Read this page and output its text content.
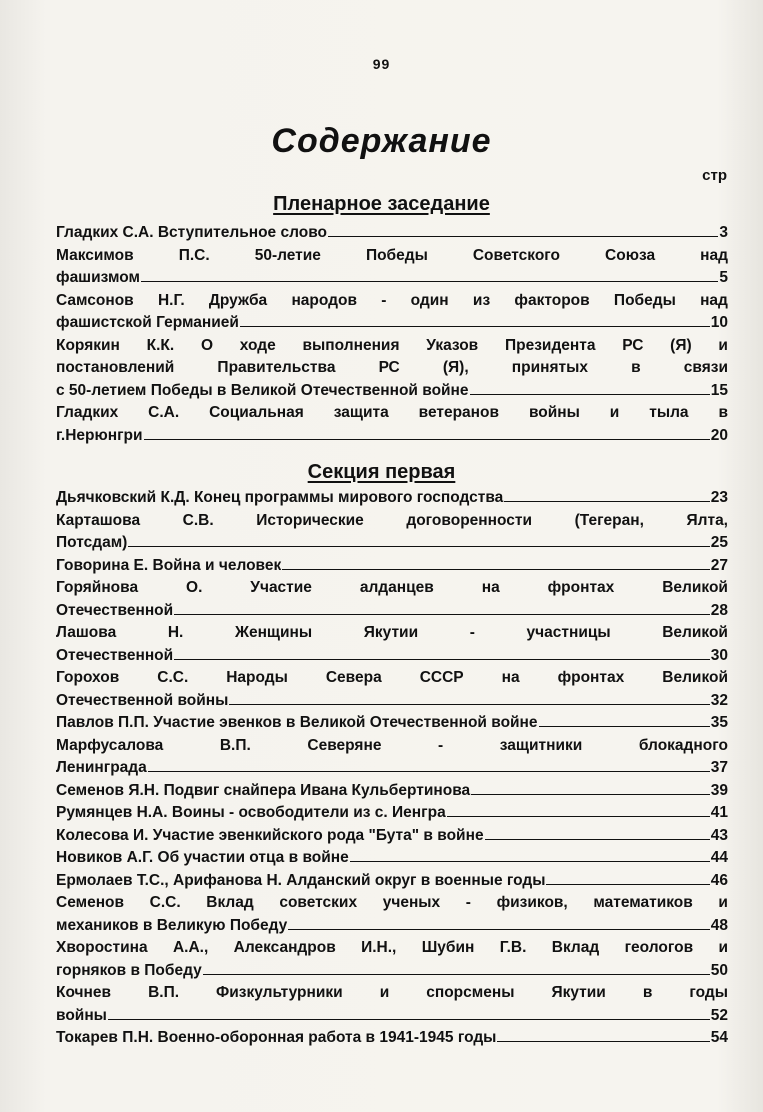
99
Содержание
стр
Пленарное заседание
Гладких С.А. Вступительное слово	3
Максимов	П.С.	50-летие	Победы	Советского	Союза	над
фашизмом	5
Самсонов Н.Г. Дружба народов - один из факторов Победы над
фашистской Германией	10
Корякин К.К. О ходе выполнения Указов Президента РС (Я) и
постановлений	Правительства	РС	(Я),	принятых	в	связи
с 50-летием Победы в Великой Отечественной войне	15
Гладких С.А. Социальная защита ветеранов войны и тыла в
г.Нерюнгри	20
Секция первая
Дьячковский К.Д. Конец программы мирового господства	23
Карташова	С.В.	Исторические	договоренности	(Тегеран,	Ялта,
Потсдам)	25
Говорина Е. Война и человек	27
Горяйнова	О.	Участие	алданцев	на	фронтах	Великой
Отечественной	28
Лашова	Н.	Женщины	Якутии	-	участницы	Великой
Отечественной	30
Горохов С.С. Народы Севера СССР на фронтах Великой
Отечественной войны	32
Павлов П.П. Участие эвенков в Великой Отечественной войне	35
Марфусалова	В.П.	Северяне	-	защитники	блокадного
Ленинграда	37
Семенов Я.Н. Подвиг снайпера Ивана Кульбертинова	39
Румянцев Н.А. Воины - освободители из с. Иенгра	41
Колесова И. Участие эвенкийского рода "Бута" в войне	43
Новиков А.Г. Об участии отца в войне	44
Ермолаев Т.С., Арифанова Н. Алданский округ в военные годы	46
Семенов С.С. Вклад советских ученых - физиков, математиков и
механиков в Великую Победу	48
Хворостина А.А., Александров И.Н., Шубин Г.В. Вклад геологов и
горняков в Победу	50
Кочнев В.П. Физкультурники и спорсмены Якутии в годы
войны	52
Токарев П.Н. Военно-оборонная работа в 1941-1945 годы	54
